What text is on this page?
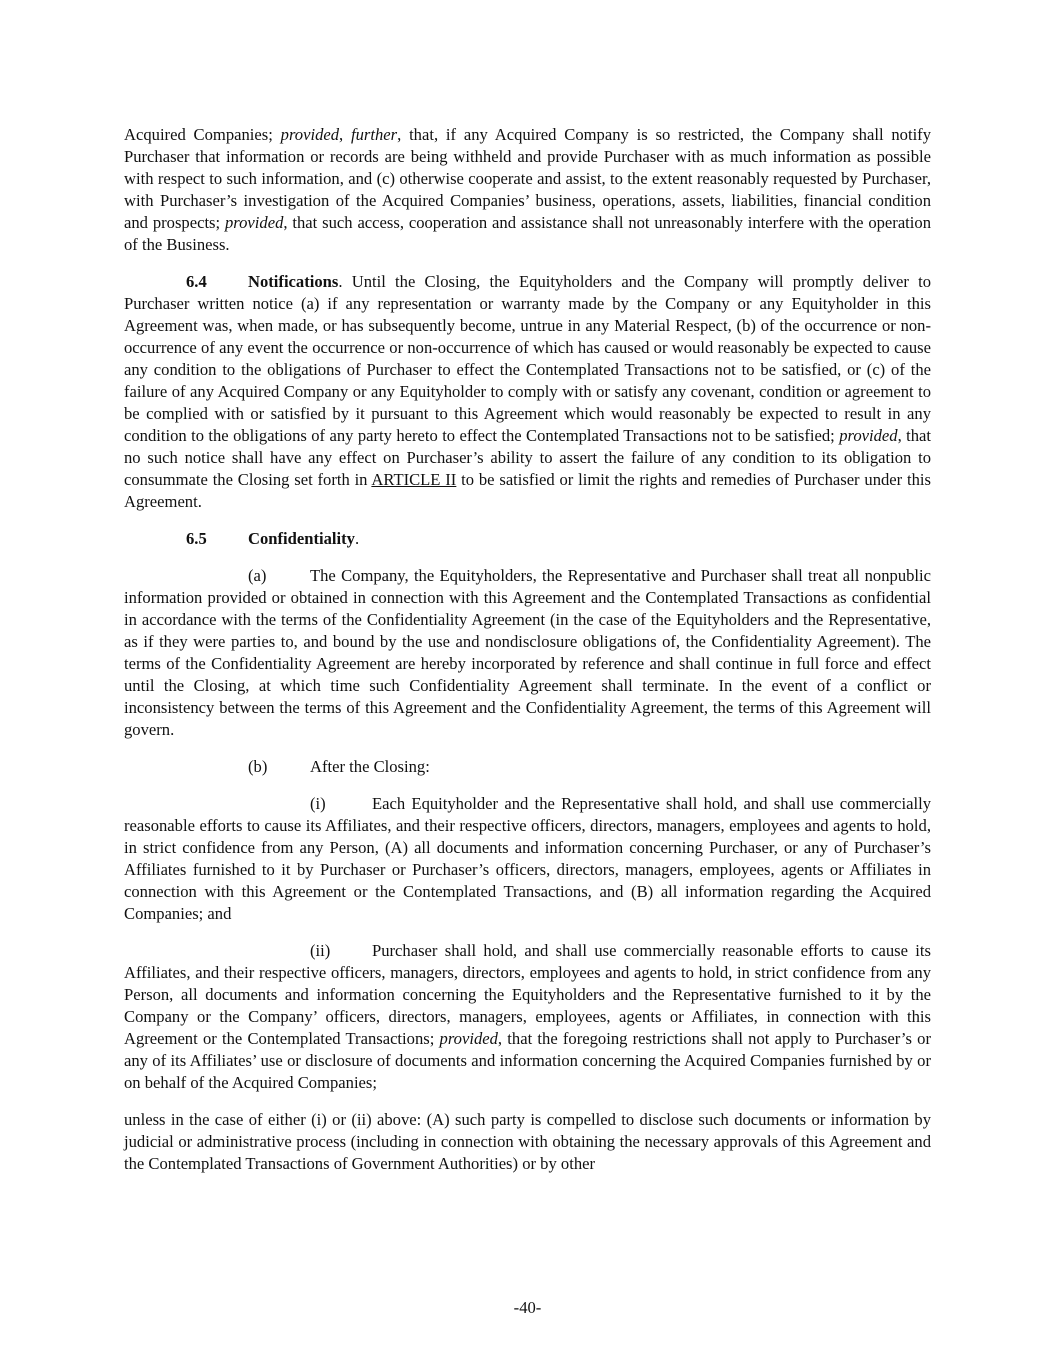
Acquired Companies; provided, further, that, if any Acquired Company is so restricted, the Company shall notify Purchaser that information or records are being withheld and provide Purchaser with as much information as possible with respect to such information, and (c) otherwise cooperate and assist, to the extent reasonably requested by Purchaser, with Purchaser’s investigation of the Acquired Companies’ business, operations, assets, liabilities, financial condition and prospects; provided, that such access, cooperation and assistance shall not unreasonably interfere with the operation of the Business.

6.4 Notifications. Until the Closing, the Equityholders and the Company will promptly deliver to Purchaser written notice (a) if any representation or warranty made by the Company or any Equityholder in this Agreement was, when made, or has subsequently become, untrue in any Material Respect, (b) of the occurrence or non-occurrence of any event the occurrence or non-occurrence of which has caused or would reasonably be expected to cause any condition to the obligations of Purchaser to effect the Contemplated Transactions not to be satisfied, or (c) of the failure of any Acquired Company or any Equityholder to comply with or satisfy any covenant, condition or agreement to be complied with or satisfied by it pursuant to this Agreement which would reasonably be expected to result in any condition to the obligations of any party hereto to effect the Contemplated Transactions not to be satisfied; provided, that no such notice shall have any effect on Purchaser’s ability to assert the failure of any condition to its obligation to consummate the Closing set forth in ARTICLE II to be satisfied or limit the rights and remedies of Purchaser under this Agreement.

6.5 Confidentiality.

(a)	The Company, the Equityholders, the Representative and Purchaser shall treat all nonpublic information provided or obtained in connection with this Agreement and the Contemplated Transactions as confidential in accordance with the terms of the Confidentiality Agreement (in the case of the Equityholders and the Representative, as if they were parties to, and bound by the use and nondisclosure obligations of, the Confidentiality Agreement). The terms of the Confidentiality Agreement are hereby incorporated by reference and shall continue in full force and effect until the Closing, at which time such Confidentiality Agreement shall terminate. In the event of a conflict or inconsistency between the terms of this Agreement and the Confidentiality Agreement, the terms of this Agreement will govern.

(b)	After the Closing:

(i)	Each Equityholder and the Representative shall hold, and shall use commercially reasonable efforts to cause its Affiliates, and their respective officers, directors, managers, employees and agents to hold, in strict confidence from any Person, (A) all documents and information concerning Purchaser, or any of Purchaser’s Affiliates furnished to it by Purchaser or Purchaser’s officers, directors, managers, employees, agents or Affiliates in connection with this Agreement or the Contemplated Transactions, and (B) all information regarding the Acquired Companies; and

(ii)	Purchaser shall hold, and shall use commercially reasonable efforts to cause its Affiliates, and their respective officers, managers, directors, employees and agents to hold, in strict confidence from any Person, all documents and information concerning the Equityholders and the Representative furnished to it by the Company or the Company’ officers, directors, managers, employees, agents or Affiliates, in connection with this Agreement or the Contemplated Transactions; provided, that the foregoing restrictions shall not apply to Purchaser’s or any of its Affiliates’ use or disclosure of documents and information concerning the Acquired Companies furnished by or on behalf of the Acquired Companies;

unless in the case of either (i) or (ii) above: (A) such party is compelled to disclose such documents or information by judicial or administrative process (including in connection with obtaining the necessary approvals of this Agreement and the Contemplated Transactions of Government Authorities) or by other

-40-
